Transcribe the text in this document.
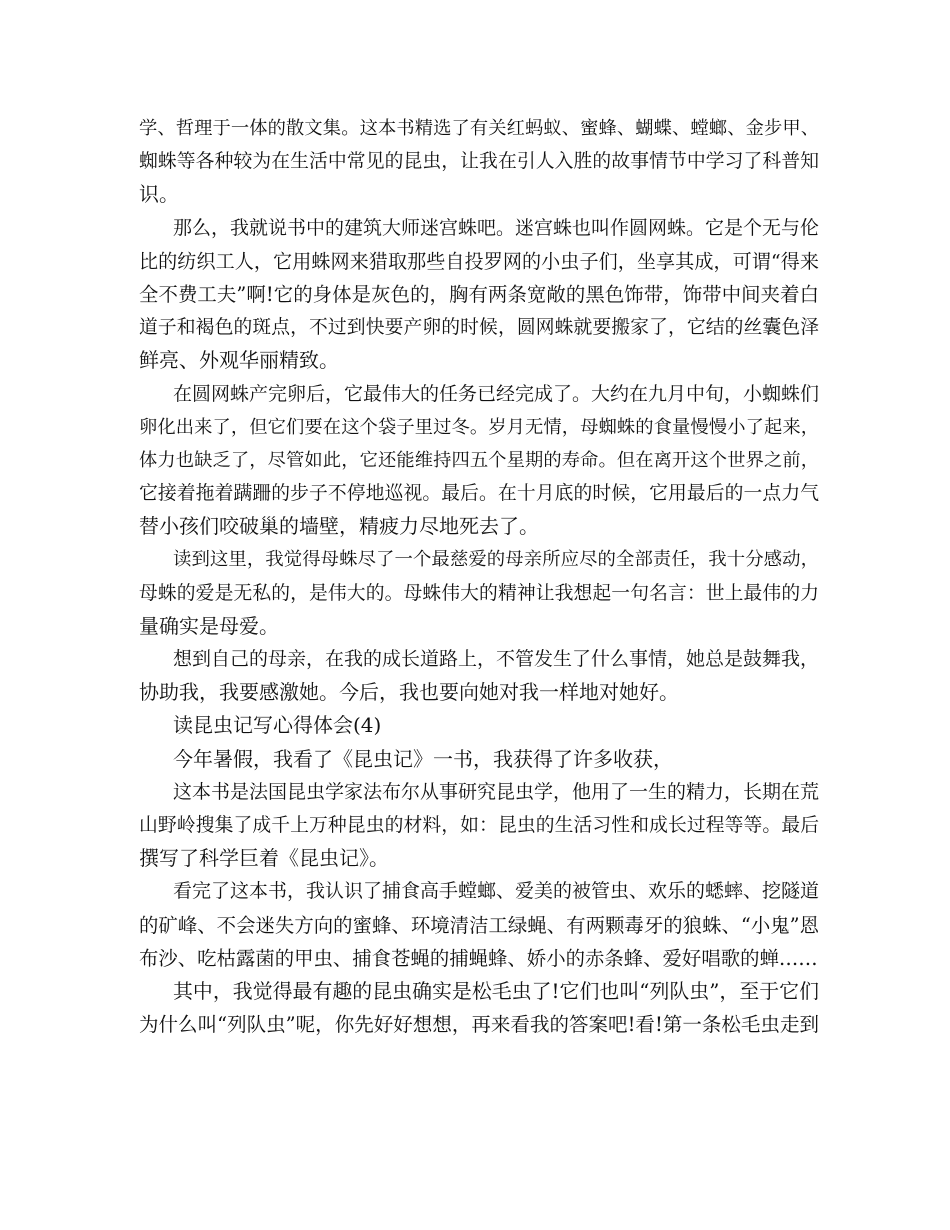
学、哲理于一体的散文集。这本书精选了有关红蚂蚁、蜜蜂、蝴蝶、螳螂、金步甲、
蜘蛛等各种较为在生活中常见的昆虫，让我在引人入胜的故事情节中学习了科普知
识。
那么，我就说书中的建筑大师迷宫蛛吧。迷宫蛛也叫作圆网蛛。它是个无与伦
比的纺织工人，它用蛛网来猎取那些自投罗网的小虫子们，坐享其成，可谓“得来
全不费工夫”啊!它的身体是灰色的，胸有两条宽敞的黑色饰带，饰带中间夹着白
道子和褐色的斑点，不过到快要产卵的时候，圆网蛛就要搬家了，它结的丝囊色泽
鲜亮、外观华丽精致。
在圆网蛛产完卵后，它最伟大的任务已经完成了。大约在九月中旬，小蜘蛛们
卵化出来了，但它们要在这个袋子里过冬。岁月无情，母蜘蛛的食量慢慢小了起来，
体力也缺乏了，尽管如此，它还能维持四五个星期的寿命。但在离开这个世界之前，
它接着拖着蹒跚的步子不停地巡视。最后。在十月底的时候，它用最后的一点力气
替小孩们咬破巢的墙壁，精疲力尽地死去了。
读到这里，我觉得母蛛尽了一个最慈爱的母亲所应尽的全部责任，我十分感动，
母蛛的爱是无私的，是伟大的。母蛛伟大的精神让我想起一句名言：世上最伟的力
量确实是母爱。
想到自己的母亲，在我的成长道路上，不管发生了什么事情，她总是鼓舞我，
协助我，我要感激她。今后，我也要向她对我一样地对她好。
读昆虫记写心得体会(4)
今年暑假，我看了《昆虫记》一书，我获得了许多收获，
这本书是法国昆虫学家法布尔从事研究昆虫学，他用了一生的精力，长期在荒
山野岭搜集了成千上万种昆虫的材料，如：昆虫的生活习性和成长过程等等。最后
撰写了科学巨着《昆虫记》。
看完了这本书，我认识了捕食高手螳螂、爱美的被管虫、欢乐的蟋蟀、挖隧道
的矿峰、不会迷失方向的蜜蜂、环境清洁工绿蝇、有两颗毒牙的狼蛛、“小鬼”恩
布沙、吃枯露菌的甲虫、捕食苍蝇的捕蝇蜂、娇小的赤条蜂、爱好唱歌的蝉……
其中，我觉得最有趣的昆虫确实是松毛虫了!它们也叫“列队虫”，至于它们
为什么叫“列队虫”呢，你先好好想想，再来看我的答案吧!看!第一条松毛虫走到
